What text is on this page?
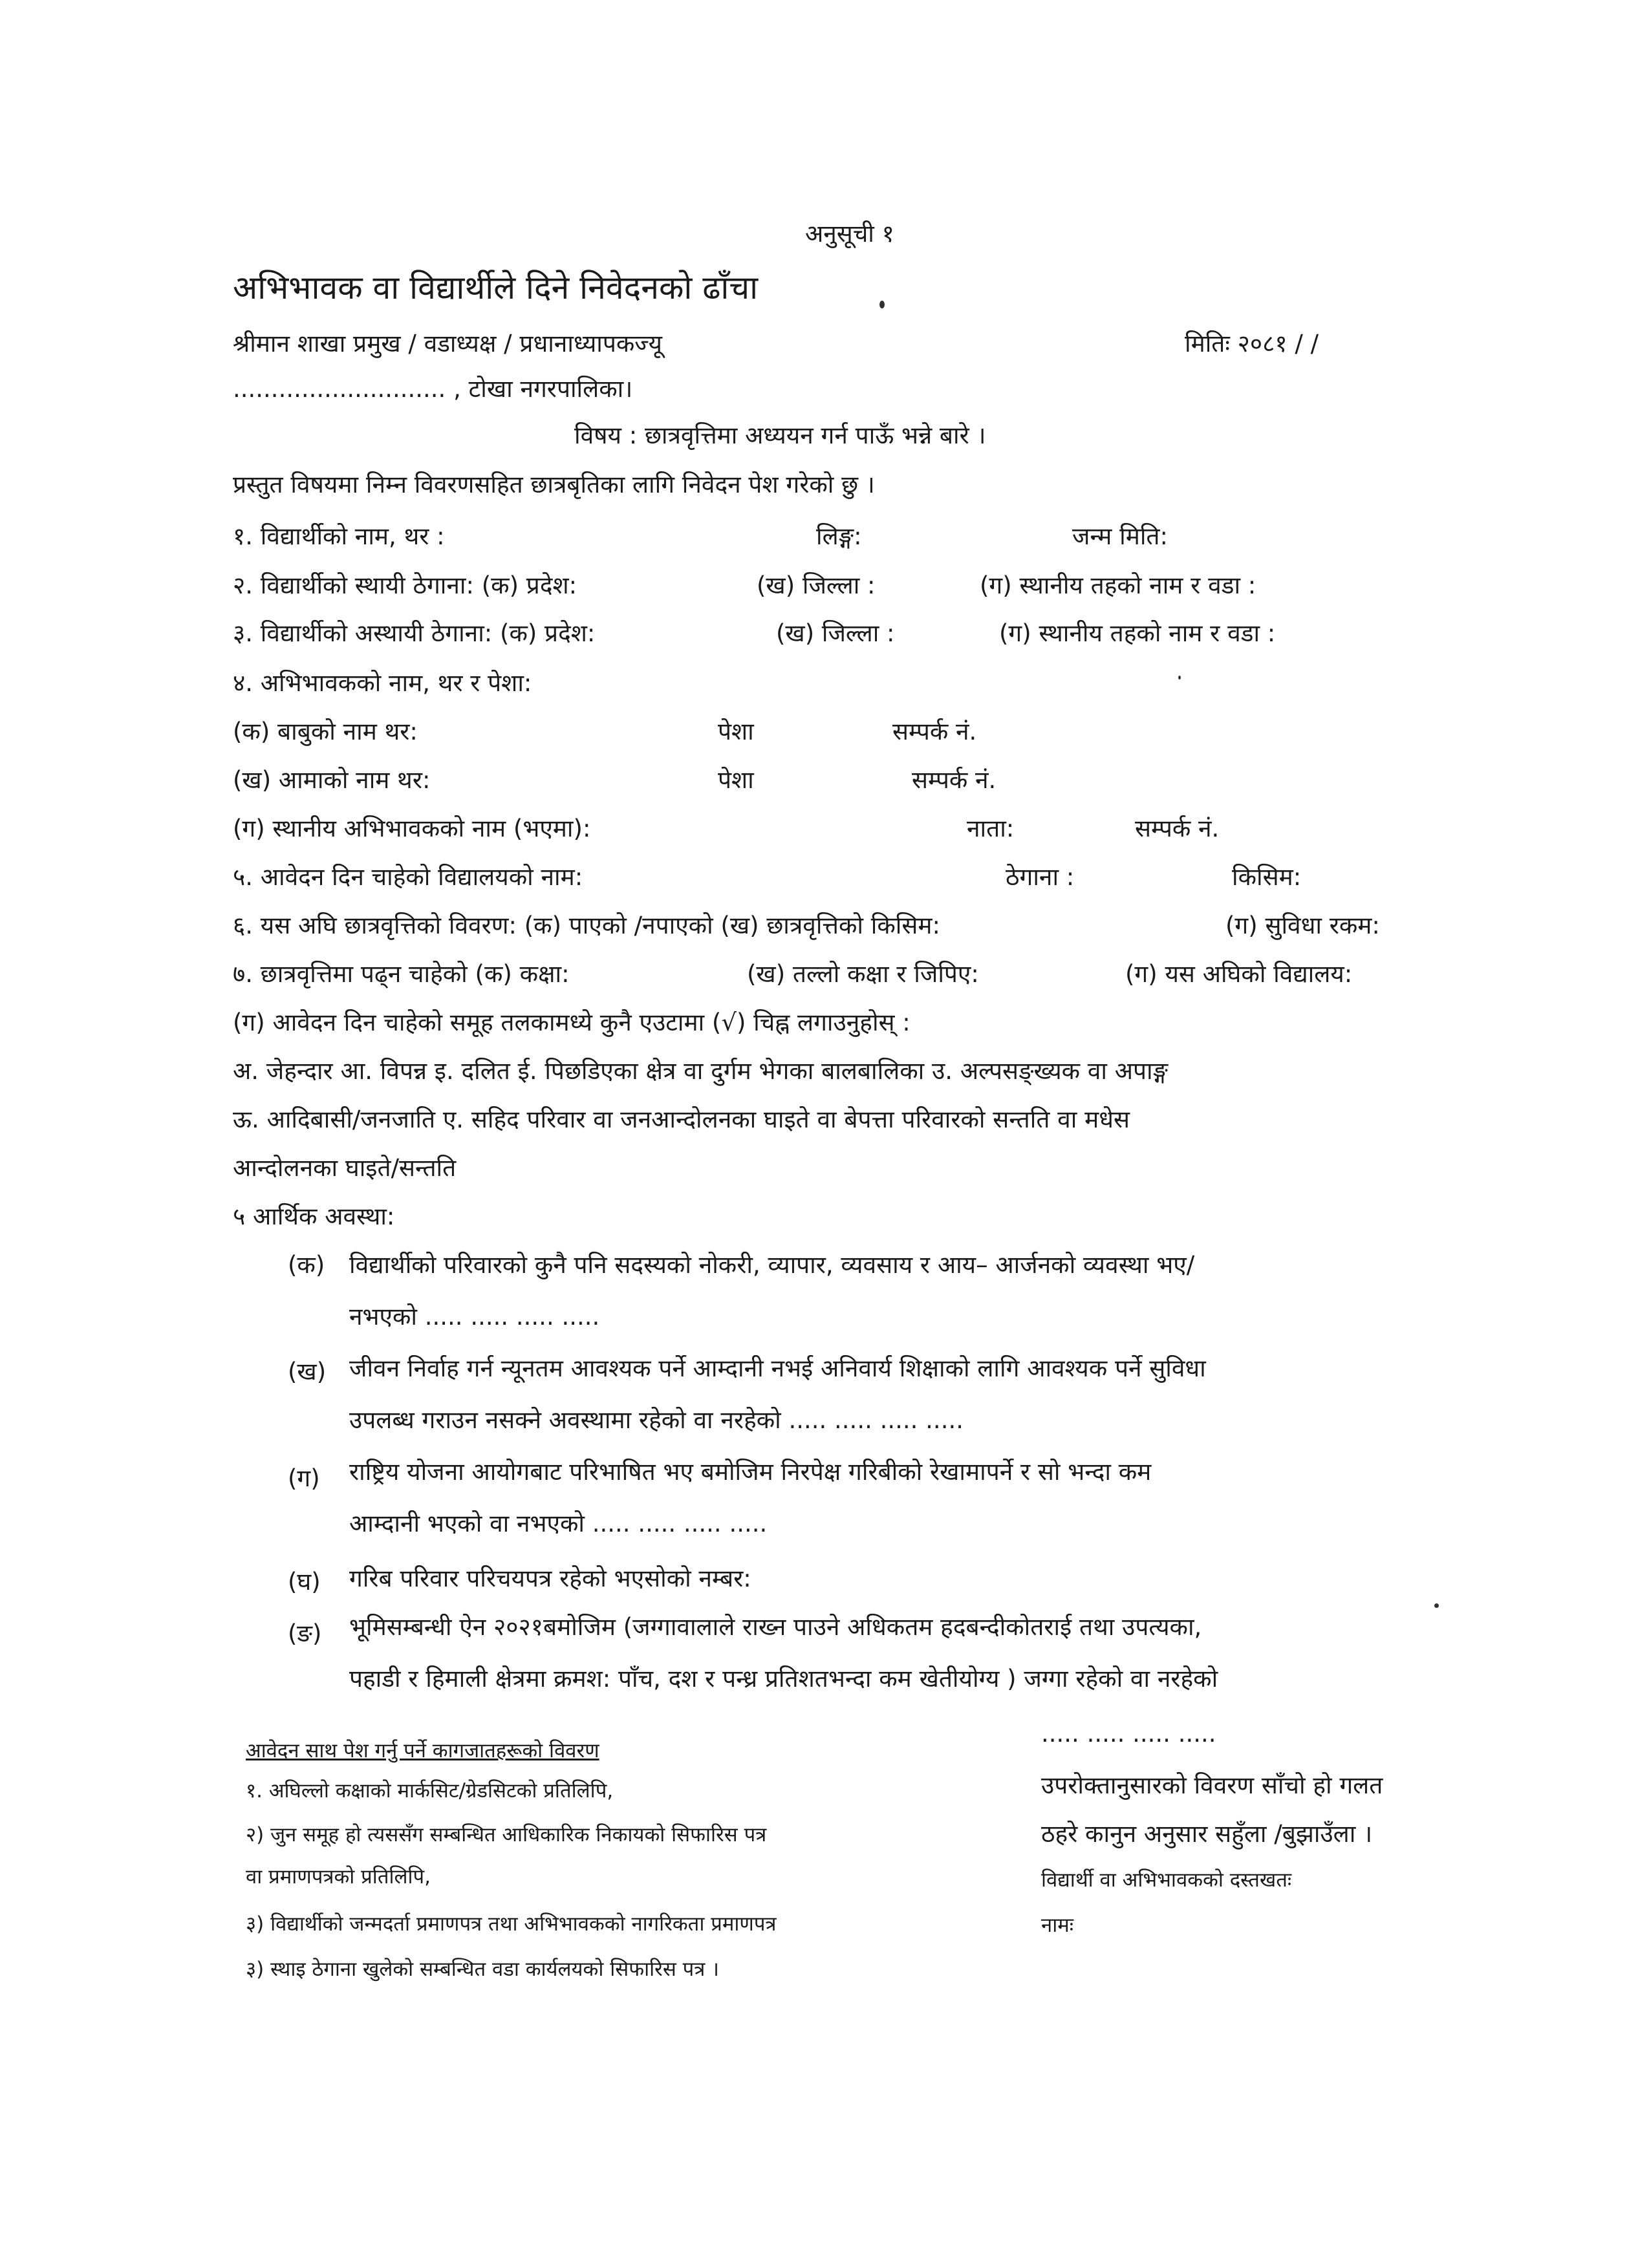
अनुसूची १
अभिभावक वा विद्यार्थीले दिने निवेदनको ढाँचा
श्रीमान शाखा प्रमुख / वडाध्यक्ष / प्रधानाध्यापकज्यू	मितिः २०८१ / /
............................ , टोखा नगरपालिका।
विषय : छात्रवृत्तिमा अध्ययन गर्न पाऊँ भन्ने बारे ।
प्रस्तुत विषयमा निम्न विवरणसहित छात्रबृतिका लागि निवेदन पेश गरेको छु ।
१. विद्यार्थीको नाम, थर :	लिङ्ग:	जन्म मिति:
२. विद्यार्थीको स्थायी ठेगाना: (क) प्रदेश:	(ख) जिल्ला :	(ग) स्थानीय तहको नाम र वडा :
३. विद्यार्थीको अस्थायी ठेगाना: (क) प्रदेश:	(ख) जिल्ला :	(ग) स्थानीय तहको नाम र वडा :
४. अभिभावकको नाम, थर र पेशा:
(क) बाबुको नाम थर:	पेशा	सम्पर्क नं.
(ख) आमाको नाम थर:	पेशा	सम्पर्क नं.
(ग) स्थानीय अभिभावकको नाम (भएमा):	नाता:	सम्पर्क नं.
५. आवेदन दिन चाहेको विद्यालयको नाम:	ठेगाना :	किसिम:
६. यस अघि छात्रवृत्तिको विवरण: (क) पाएको /नपाएको (ख) छात्रवृत्तिको किसिम:	(ग) सुविधा रकम:
७. छात्रवृत्तिमा पढ्न चाहेको (क) कक्षा:	(ख) तल्लो कक्षा र जिपिए:	(ग) यस अघिको विद्यालय:
(ग) आवेदन दिन चाहेको समूह तलकामध्ये कुनै एउटामा (√) चिह्न लगाउनुहोस् :
अ. जेहन्दार आ. विपन्न इ. दलित ई. पिछडिएका क्षेत्र वा दुर्गम भेगका बालबालिका उ. अल्पसङ्ख्यक वा अपाङ्ग
ऊ. आदिबासी/जनजाति ए. सहिद परिवार वा जनआन्दोलनका घाइते वा बेपत्ता परिवारको सन्तति वा मधेस
आन्दोलनका घाइते/सन्तति
५ आर्थिक अवस्था:
(क) विद्यार्थीको परिवारको कुनै पनि सदस्यको नोकरी, व्यापार, व्यवसाय र आय– आर्जनको व्यवस्था भए/
नभएको ..... ..... ..... .....
(ख) जीवन निर्वाह गर्न न्यूनतम आवश्यक पर्ने आम्दानी नभई अनिवार्य शिक्षाको लागि आवश्यक पर्ने सुविधा
उपलब्ध गराउन नसक्ने अवस्थामा रहेको वा नरहेको ..... ..... ..... .....
(ग) राष्ट्रिय योजना आयोगबाट परिभाषित भए बमोजिम निरपेक्ष गरिबीको रेखामापर्ने र सो भन्दा कम
आम्दानी भएको वा नभएको ..... ..... ..... .....
(घ) गरिब परिवार परिचयपत्र रहेको भएसोको नम्बर:
(ङ) भूमिसम्बन्धी ऐन २०२१बमोजिम (जग्गावालाले राख्न पाउने अधिकतम हदबन्दीकोतराई तथा उपत्यका,
पहाडी र हिमाली क्षेत्रमा क्रमश: पाँच, दश र पन्ध्र प्रतिशतभन्दा कम खेतीयोग्य ) जग्गा रहेको वा नरहेको
..... ..... ..... .....
आवेदन साथ पेश गर्नु पर्ने कागजातहरूको विवरण
१. अघिल्लो कक्षाको मार्कसिट/ग्रेडसिटको प्रतिलिपि,
२) जुन समूह हो त्यससँग सम्बन्धित आधिकारिक निकायको सिफारिस पत्र
वा प्रमाणपत्रको प्रतिलिपि,
३) विद्यार्थीको जन्मदर्ता प्रमाणपत्र तथा अभिभावकको नागरिकता प्रमाणपत्र
३) स्थाइ ठेगाना खुलेको सम्बन्धित वडा कार्यलयको सिफारिस पत्र ।
उपरोक्तानुसारको विवरण साँचो हो गलत
ठहरे कानुन अनुसार सहुँला /बुझाउँला ।
विद्यार्थी वा अभिभावकको दस्तखतः
नामः
